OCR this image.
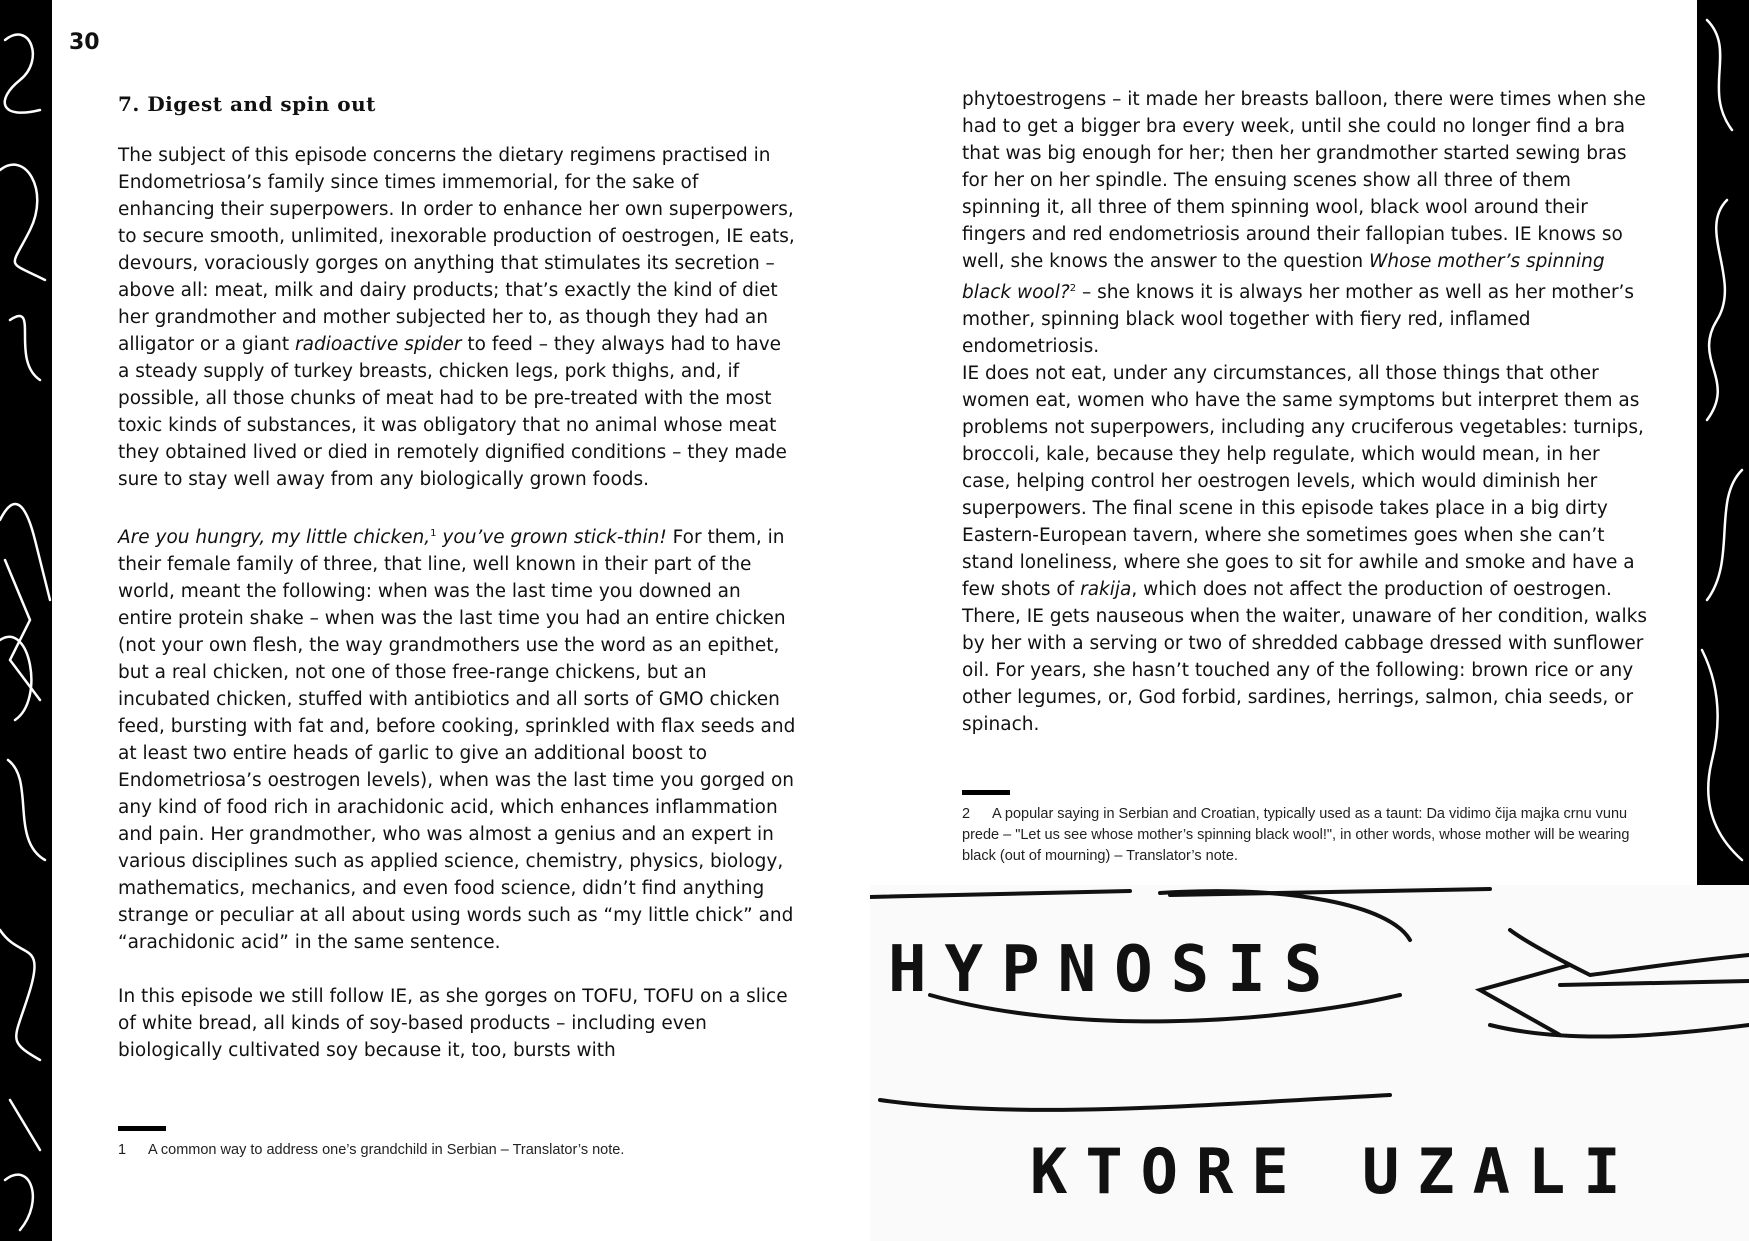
30
7. Digest and spin out

The subject of this episode concerns the dietary regimens practised in Endometriosa’s family since times immemorial, for the sake of enhancing their superpowers. In order to enhance her own superpowers, to secure smooth, unlimited, inexorable production of oestrogen, IE eats, devours, voraciously gorges on anything that stimulates its secretion – above all: meat, milk and dairy products; that’s exactly the kind of diet her grandmother and mother subjected her to, as though they had an alligator or a giant radioactive spider to feed – they always had to have a steady supply of turkey breasts, chicken legs, pork thighs, and, if possible, all those chunks of meat had to be pre-treated with the most toxic kinds of substances, it was obligatory that no animal whose meat they obtained lived or died in remotely dignified conditions – they made sure to stay well away from any biologically grown foods.

Are you hungry, my little chicken,$^1$ you’ve grown stick-thin! For them, in their female family of three, that line, well known in their part of the world, meant the following: when was the last time you downed an entire protein shake – when was the last time you had an entire chicken (not your own flesh, the way grandmothers use the word as an epithet, but a real chicken, not one of those free-range chickens, but an incubated chicken, stuffed with antibiotics and all sorts of GMO chicken feed, bursting with fat and, before cooking, sprinkled with flax seeds and at least two entire heads of garlic to give an additional boost to Endometriosa’s oestrogen levels), when was the last time you gorged on any kind of food rich in arachidonic acid, which enhances inflammation and pain. Her grandmother, who was almost a genius and an expert in various disciplines such as applied science, chemistry, physics, biology, mathematics, mechanics, and even food science, didn’t find anything strange or peculiar at all about using words such as “my little chick” and “arachidonic acid” in the same sentence.

In this episode we still follow IE, as she gorges on TOFU, TOFU on a slice of white bread, all kinds of soy-based products – including even biologically cultivated soy because it, too, bursts with

1 A common way to address one’s grandchild in Serbian – Translator’s note.

phytoestrogens – it made her breasts balloon, there were times when she had to get a bigger bra every week, until she could no longer find a bra that was big enough for her; then her grandmother started sewing bras for her on her spindle. The ensuing scenes show all three of them spinning it, all three of them spinning wool, black wool around their fingers and red endometriosis around their fallopian tubes. IE knows so well, she knows the answer to the question Whose mother’s spinning black wool?$^2$ – she knows it is always her mother as well as her mother’s mother, spinning black wool together with fiery red, inflamed endometriosis.

IE does not eat, under any circumstances, all those things that other women eat, women who have the same symptoms but interpret them as problems not superpowers, including any cruciferous vegetables: turnips, broccoli, kale, because they help regulate, which would mean, in her case, helping control her oestrogen levels, which would diminish her superpowers. The final scene in this episode takes place in a big dirty Eastern-European tavern, where she sometimes goes when she can’t stand loneliness, where she goes to sit for awhile and smoke and have a few shots of rakija, which does not affect the production of oestrogen. There, IE gets nauseous when the waiter, unaware of her condition, walks by her with a serving or two of shredded cabbage dressed with sunflower oil. For years, she hasn’t touched any of the following: brown rice or any other legumes, or, God forbid, sardines, herrings, salmon, chia seeds, or spinach.

2 A popular saying in Serbian and Croatian, typically used as a taunt: Da vidimo čija majka crnu vunu prede – "Let us see whose mother’s spinning black wool!", in other words, whose mother will be wearing black (out of mourning) – Translator’s note.
HYPNOSIS
KTORE UZALI
